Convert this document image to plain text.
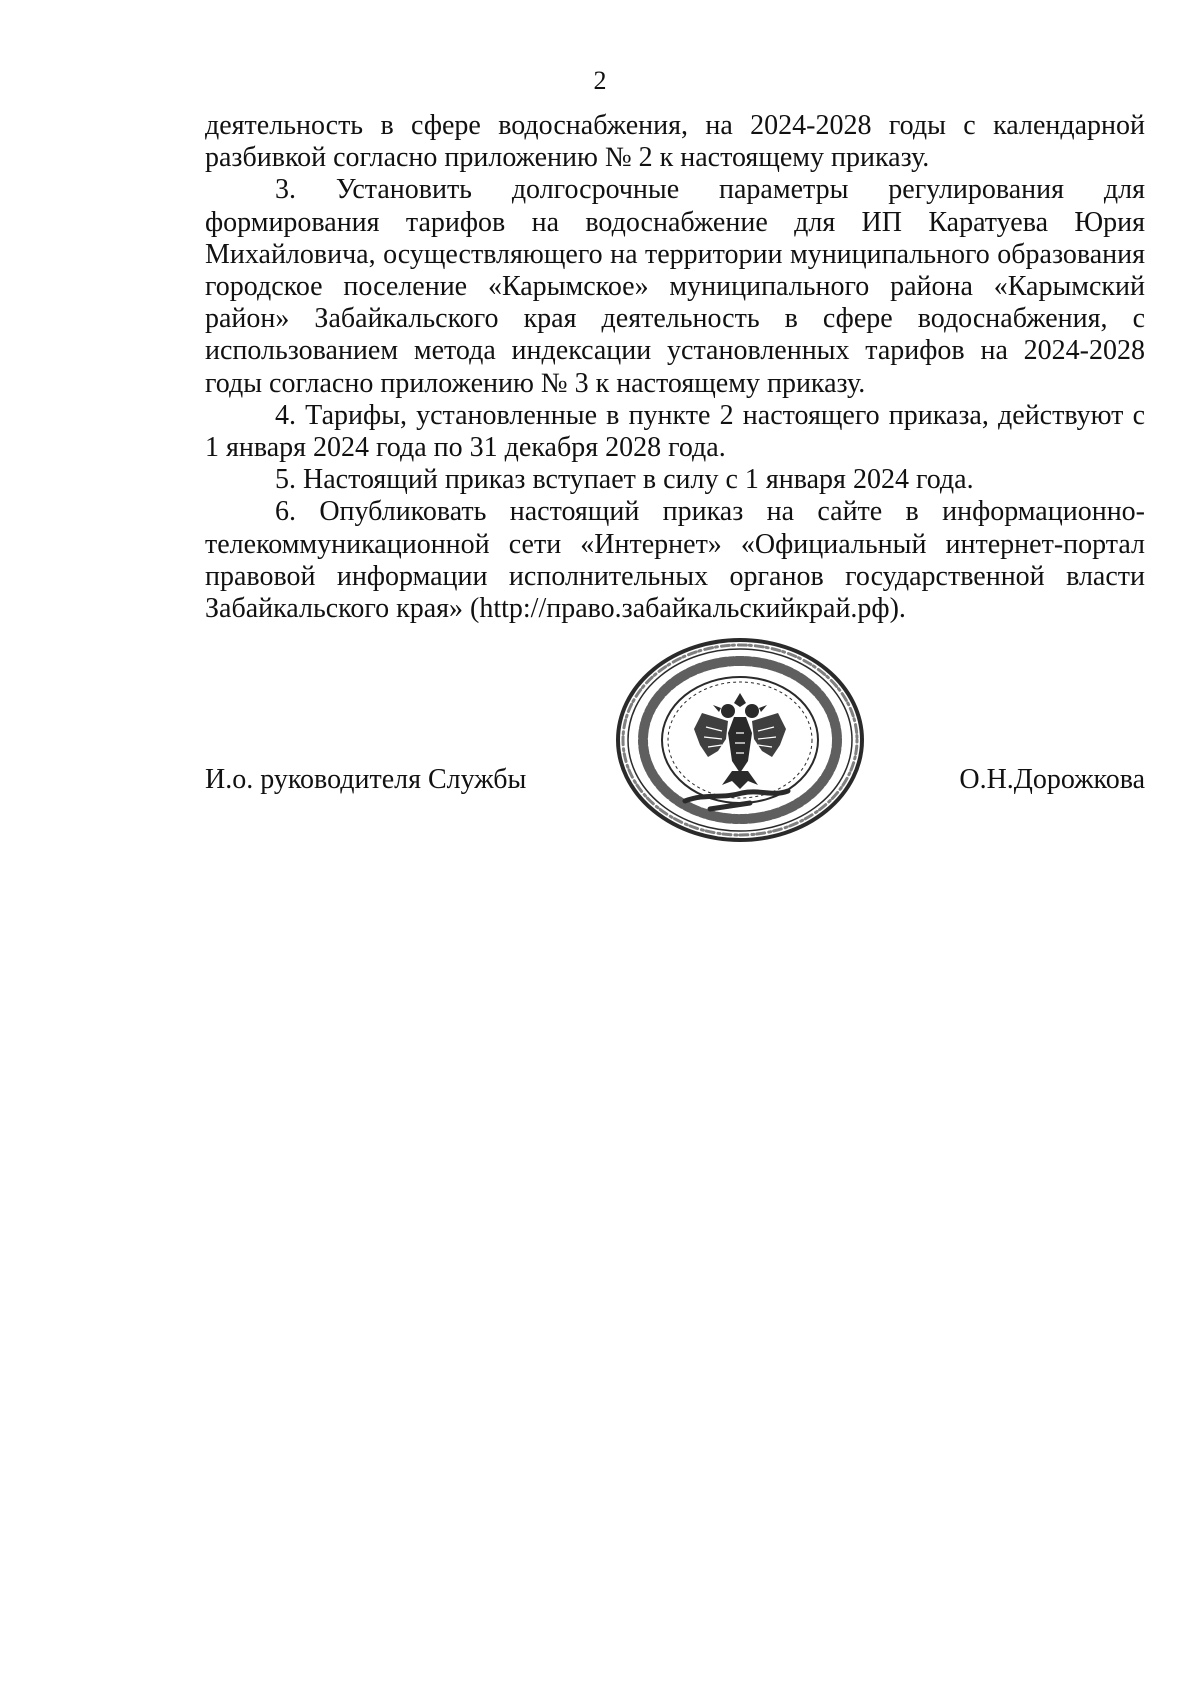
2

деятельность в сфере водоснабжения, на 2024-2028 годы с календарной разбивкой согласно приложению № 2 к настоящему приказу.

3. Установить долгосрочные параметры регулирования для формирования тарифов на водоснабжение для ИП Каратуева Юрия Михайловича, осуществляющего на территории муниципального образования городское поселение «Карымское» муниципального района «Карымский район» Забайкальского края деятельность в сфере водоснабжения, с использованием метода индексации установленных тарифов на 2024-2028 годы согласно приложению № 3 к настоящему приказу.

4. Тарифы, установленные в пункте 2 настоящего приказа, действуют с 1 января 2024 года по 31 декабря 2028 года.

5. Настоящий приказ вступает в силу с 1 января 2024 года.

6. Опубликовать настоящий приказ на сайте в информационно-телекоммуникационной сети «Интернет» «Официальный интернет-портал правовой информации исполнительных органов государственной власти Забайкальского края» (http://право.забайкальскийкрай.рф).

И.о. руководителя Службы	О.Н.Дорожкова
